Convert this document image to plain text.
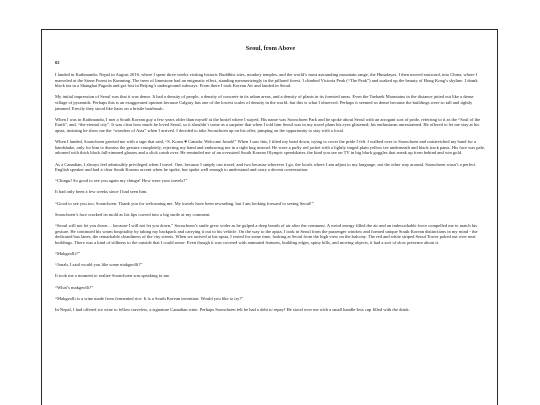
Seoul, from Above
02

I landed in Kathmandu, Nepal in August 2016, where I spent three weeks visiting historic Buddhist sites, monkey temples, and the world’s most astounding mountain range, the Himalayas. I then moved eastward, into China, where I marveled at the Stone Forest in Kunming. The trees of limestone had an enigmatic effect, standing mesmerizingly in the pillared forest. I climbed Victoria Peak (“The Peak”) and soaked up the beauty of Hong Kong’s skyline. I drank black tea in a Shanghai Pagoda and got lost in Beijing’s underground subways. From there I took Korean Air and landed in Seoul.

My initial impression of Seoul was that it was dense. It had a density of people, a density of concrete in its urban areas, and a density of plants in its forested areas. Even the Taebaek Mountains in the distance jutted out like a dense village of pyramids. Perhaps this is an exaggerated opinion because Calgary has one of the lowest scales of density in the world, but this is what I observed. Perhaps it seemed so dense because the buildings were so tall and tightly jammed. Erectly they stood like hairs on a bristle hairbrush.

When I was in Kathmandu, I met a South Korean guy a few years older than myself at the hostel where I stayed. His name was Soonchoen Park and he spoke about Seoul with an arrogant sort of pride, referring to it as the “Soul of the Earth”, and, “the eternal city”. It was clear how much he loved Seoul, so it shouldn’t come as a surprise that when I told him Seoul was in my travel plans his eyes glistened; his enthusiasm unrestrained. He offered to let me stay at his apsta, insisting he show me the “wonders of Asia” when I arrived. I decided to take Soonchoen up on his offer, jumping on the opportunity to stay with a local.

When I landed, Soonchoen greeted me with a sign that said, “S. Korea ♥ Canada: Welcome Jonah!” When I saw this, I tilted my head down, trying to cover the pride I felt. I walked over to Soonchoen and outstretched my hand for a handshake, only for him to dismiss the gesture completely, rejecting my hand and embracing me in a tight bug instead. He wore a puffy red jacket with a lightly tinged plain yellow tee underneath and black track pants. His face was pale, adorned with thick black full-rimmed glasses and a slick comb over. He reminded me of an oversized South Korean Olympic speedskater, the kind you see on TV in big black goggles that sneak up from behind and win gold.

As a Canadian, I always feel admissibly privileged when I travel. One, because I simply can travel, and two because wherever I go, the locals where I am adjust to my language, not the other way around. Soonchoen wasn’t a perfect English speaker and had a clear South Korean accent when he spoke, but spoke well enough to understand and carry a decent conversation.

“Chingu! So good to see you again my chingu! How were your travels?”

It had only been a few weeks since I had seen him.

“Good to see you too, Soonchoen. Thank you for welcoming me. My travels have been rewarding, but I am looking forward to seeing Seoul!”

Soonchoen’s face cracked its mold as his lips curved into a big smile at my comment.

“Seoul will not let you down… because I will not let you down.” Soonchoen’s smile grew wider as he gulped a deep breath of air after the comment. A weird energy filled the air and an indescribable force compelled me to match his gesture. He continued his warm hospitality by taking my backpack and carrying it out to his vehicle. On the way to the apsta, I took in Seoul from the passenger window and formed unique South Korean distinctions in my mind - the dedicated bus lanes, the remarkable cleanliness of the city streets. When we arrived at his apsta, I rested for some time, looking at Seoul from the high view on the balcony. The red and white striped Seoul Tower poked out over neat buildings. There was a kind of stillness to the outside that I could sense. Even though it was covered with animated features, building edges, spiny hills, and moving objects, it had a sort of slow presence about it.

“Makgeolli?”

“Jonah, I said would you like some makgeolli?”

It took me a moment to realize Soonchoen was speaking to me.

“What’s makgeolli?”

“Makgeolli is a wine made from fermented rice. It is a South Korean invention. Would you like to try?”

In Nepal, I had offered ice wine to fellow travelers, a signature Canadian wine. Perhaps Soonchoen felt he had a debt to repay! He stood over me with a small handle-less cup filled with the drink.
